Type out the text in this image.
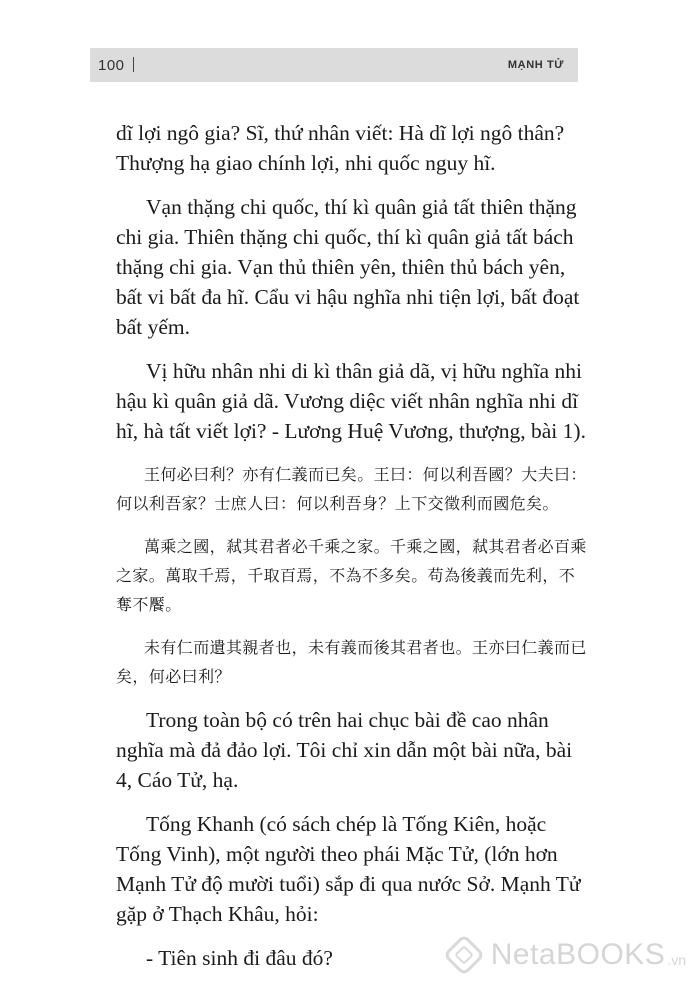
100	MẠNH TỬ

dĩ lợi ngô gia? Sĩ, thứ nhân viết: Hà dĩ lợi ngô thân? Thượng hạ giao chính lợi, nhi quốc nguy hĩ.

Vạn thặng chi quốc, thí kì quân giả tất thiên thặng chi gia. Thiên thặng chi quốc, thí kì quân giả tất bách thặng chi gia. Vạn thủ thiên yên, thiên thủ bách yên, bất vi bất đa hĩ. Cẩu vi hậu nghĩa nhi tiện lợi, bất đoạt bất yếm.

Vị hữu nhân nhi di kì thân giả dã, vị hữu nghĩa nhi hậu kì quân giả dã. Vương diệc viết nhân nghĩa nhi dĩ hĩ, hà tất viết lợi? - Lương Huệ Vương, thượng, bài 1).

王何必曰利？亦有仁義而已矣。王曰：何以利吾國？大夫曰：何以利吾家？士庶人曰：何以利吾身？上下交徵利而國危矣。

萬乘之國，弒其君者必千乘之家。千乘之國，弒其君者必百乘之家。萬取千焉，千取百焉，不為不多矣。苟為後義而先利，不奪不饜。

未有仁而遺其親者也，未有義而後其君者也。王亦曰仁義而已矣，何必曰利？

Trong toàn bộ có trên hai chục bài đề cao nhân nghĩa mà đả đảo lợi. Tôi chỉ xin dẫn một bài nữa, bài 4, Cáo Tử, hạ.

Tống Khanh (có sách chép là Tống Kiên, hoặc Tống Vinh), một người theo phái Mặc Tử, (lớn hơn Mạnh Tử độ mười tuổi) sắp đi qua nước Sở. Mạnh Tử gặp ở Thạch Khâu, hỏi:

- Tiên sinh đi đâu đó?	NetaBOOKS .vn
